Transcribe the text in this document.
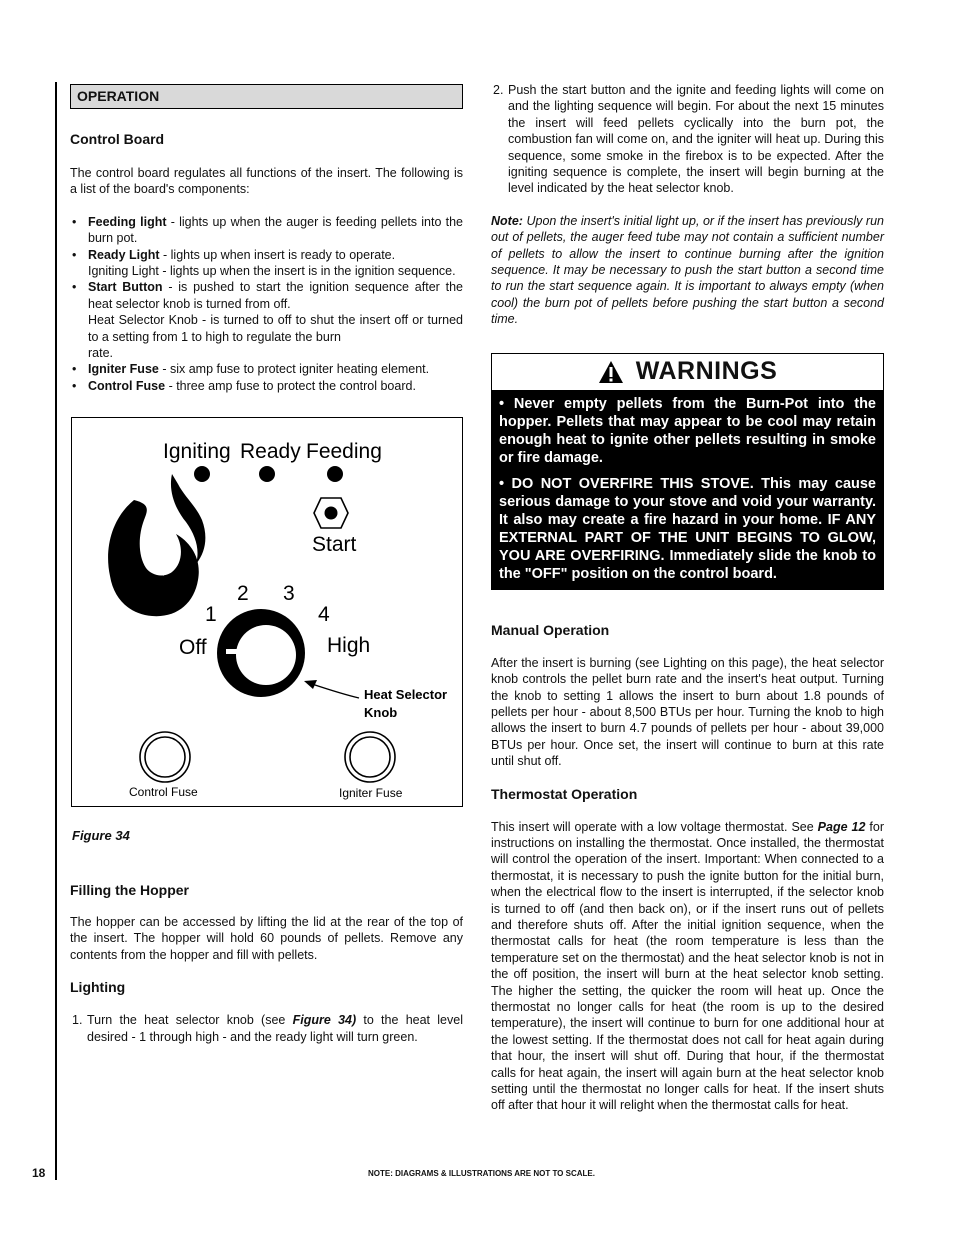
OPERATION

Control Board

The control board regulates all functions of the insert. The following is a list of the board's components:

• Feeding light - lights up when the auger is feeding pellets into the burn pot.
• Ready Light - lights up when insert is ready to operate.
Igniting Light - lights up when the insert is in the ignition sequence.
• Start Button - is pushed to start the ignition sequence after the heat selector knob is turned from off.
Heat Selector Knob - is turned to off to shut the insert off or turned to a setting from 1 to high to regulate the burn
rate.
• Igniter Fuse - six amp fuse to protect igniter heating element.
• Control Fuse - three amp fuse to protect the control board.
Igniting Ready Feeding
Start
1
2 3
4
Off	High
Heat Selector
Knob
Control Fuse	Igniter Fuse
Figure 34

Filling the Hopper

The hopper can be accessed by lifting the lid at the rear of the top of the insert. The hopper will hold 60 pounds of pellets. Remove any contents from the hopper and fill with pellets.

Lighting

1. Turn the heat selector knob (see Figure 34) to the heat level desired - 1 through high - and the ready light will turn green.
2. Push the start button and the ignite and feeding lights will come on and the lighting sequence will begin. For about the next 15 minutes the insert will feed pellets cyclically into the burn pot, the combustion fan will come on, and the igniter will heat up. During this sequence, some smoke in the firebox is to be expected. After the igniting sequence is complete, the insert will begin burning at the level indicated by the heat selector knob.

Note: Upon the insert's initial light up, or if the insert has previously run out of pellets, the auger feed tube may not contain a sufficient number of pellets to allow the insert to continue burning after the ignition sequence. It may be necessary to push the start button a second time to run the start sequence again. It is important to always empty (when cool) the burn pot of pellets before pushing the start button a second time.

WARNINGS

• Never empty pellets from the Burn-Pot into the hopper. Pellets that may appear to be cool may retain enough heat to ignite other pellets resulting in smoke or fire damage.

• DO NOT OVERFIRE THIS STOVE. This may cause serious damage to your stove and void your warranty. It also may create a fire hazard in your home. IF ANY EXTERNAL PART OF THE UNIT BEGINS TO GLOW, YOU ARE OVERFIRING. Immediately slide the knob to the "OFF" position on the control board.

Manual Operation

After the insert is burning (see Lighting on this page), the heat selector knob controls the pellet burn rate and the insert's heat output. Turning the knob to setting 1 allows the insert to burn about 1.8 pounds of pellets per hour - about 8,500 BTUs per hour. Turning the knob to high allows the insert to burn 4.7 pounds of pellets per hour - about 39,000 BTUs per hour. Once set, the insert will continue to burn at this rate until shut off.

Thermostat Operation

This insert will operate with a low voltage thermostat. See Page 12 for instructions on installing the thermostat. Once installed, the thermostat will control the operation of the insert. Important: When connected to a thermostat, it is necessary to push the ignite button for the initial burn, when the electrical flow to the insert is interrupted, if the selector knob is turned to off (and then back on), or if the insert runs out of pellets and therefore shuts off. After the initial ignition sequence, when the thermostat calls for heat (the room temperature is less than the temperature set on the thermostat) and the heat selector knob is not in the off position, the insert will burn at the heat selector knob setting. The higher the setting, the quicker the room will heat up. Once the thermostat no longer calls for heat (the room is up to the desired temperature), the insert will continue to burn for one additional hour at the lowest setting. If the thermostat does not call for heat again during that hour, the insert will shut off. During that hour, if the thermostat calls for heat again, the insert will again burn at the heat selector knob setting until the thermostat no longer calls for heat. If the insert shuts off after that hour it will relight when the thermostat calls for heat.

18	NOTE: DIAGRAMS & ILLUSTRATIONS ARE NOT TO SCALE.
